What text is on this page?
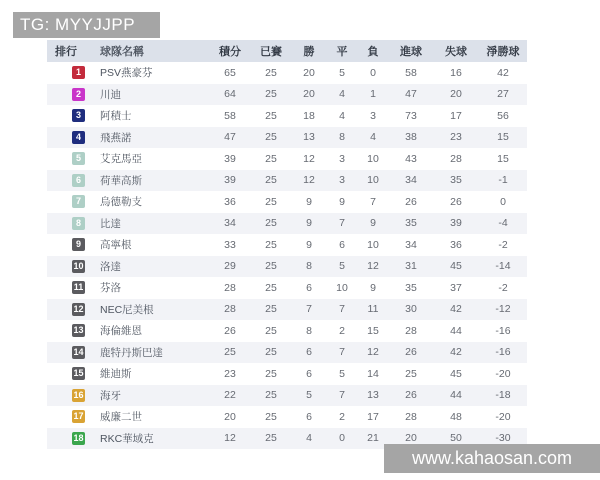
TG: MYYJJPP
排行	球隊名稱	積分	已賽	勝	平	負	進球	失球	淨勝球
1	PSV燕豪芬	65	25	20	5	0	58	16	42
2	川迪	64	25	20	4	1	47	20	27
3	阿積士	58	25	18	4	3	73	17	56
4	飛燕諾	47	25	13	8	4	38	23	15
5	艾克馬亞	39	25	12	3	10	43	28	15
6	荷華高斯	39	25	12	3	10	34	35	-1
7	烏德勒支	36	25	9	9	7	26	26	0
8	比達	34	25	9	7	9	35	39	-4
9	高寧根	33	25	9	6	10	34	36	-2
10	洛達	29	25	8	5	12	31	45	-14
11	芬洛	28	25	6	10	9	35	37	-2
12	NEC尼美根	28	25	7	7	11	30	42	-12
13	海倫維恩	26	25	8	2	15	28	44	-16
14	鹿特丹斯巴達	25	25	6	7	12	26	42	-16
15	維迪斯	23	25	6	5	14	25	45	-20
16	海牙	22	25	5	7	13	26	44	-18
17	威廉二世	20	25	6	2	17	28	48	-20
18	RKC華域克	12	25	4	0	21	20	50	-30
www.kahaosan.com
